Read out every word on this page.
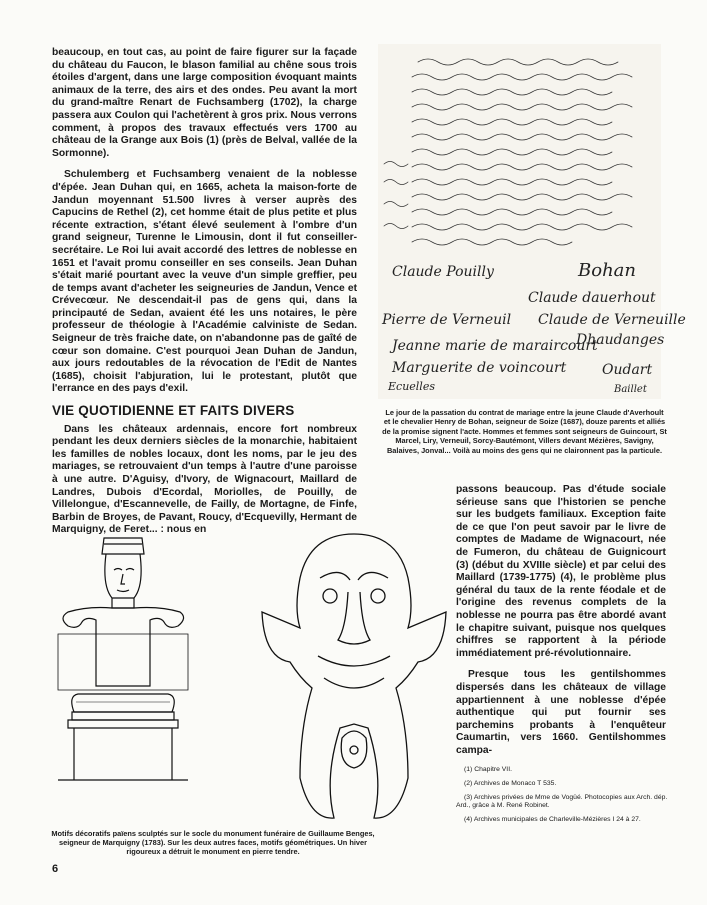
beaucoup, en tout cas, au point de faire figurer sur la façade du château du Faucon, le blason familial au chêne sous trois étoiles d'argent, dans une large composition évoquant maints animaux de la terre, des airs et des ondes. Peu avant la mort du grand-maître Renart de Fuchsamberg (1702), la charge passera aux Coulon qui l'achetèrent à gros prix. Nous verrons comment, à propos des travaux effectués vers 1700 au château de la Grange aux Bois (1) (près de Belval, vallée de la Sormonne).

Schulemberg et Fuchsamberg venaient de la noblesse d'épée. Jean Duhan qui, en 1665, acheta la maison-forte de Jandun moyennant 51.500 livres à verser auprès des Capucins de Rethel (2), cet homme était de plus petite et plus récente extraction, s'étant élevé seulement à l'ombre d'un grand seigneur, Turenne le Limousin, dont il fut conseiller-secrétaire. Le Roi lui avait accordé des lettres de noblesse en 1651 et l'avait promu conseiller en ses conseils. Jean Duhan s'était marié pourtant avec la veuve d'un simple greffier, peu de temps avant d'acheter les seigneuries de Jandun, Vence et Crévecœur. Ne descendait-il pas de gens qui, dans la principauté de Sedan, avaient été les uns notaires, le père professeur de théologie à l'Académie calviniste de Sedan. Seigneur de très fraiche date, on n'abandonne pas de gaîté de cœur son domaine. C'est pourquoi Jean Duhan de Jandun, aux jours redoutables de la révocation de l'Edit de Nantes (1685), choisit l'abjuration, lui le protestant, plutôt que l'errance en des pays d'exil.

VIE QUOTIDIENNE ET FAITS DIVERS

Dans les châteaux ardennais, encore fort nombreux pendant les deux derniers siècles de la monarchie, habitaient les familles de nobles locaux, dont les noms, par le jeu des mariages, se retrouvaient d'un temps à l'autre d'une paroisse à une autre. D'Aguisy, d'Ivory, de Wignacourt, Maillard de Landres, Dubois d'Ecordal, Moriolles, de Pouilly, de Villelongue, d'Escannevelle, de Failly, de Mortagne, de Finfe, Barbin de Broyes, de Pavant, Roucy, d'Ecquevilly, Hermant de Marquigny, de Feret... : nous en

Claude Pouilly	Bohan
Claude dauerhout
Pierre de Verneuil Claude de Verneuille
Dhaudanges
Jeanne marie de maraircourt
Marguerite de voincourt	Oudart
Ecuelles	Baillet
Le jour de la passation du contrat de mariage entre la jeune Claude d'Averhoult et le chevalier Henry de Bohan, seigneur de Soize (1687), douze parents et alliés de la promise signent l'acte. Hommes et femmes sont seigneurs de Guincourt, St Marcel, Liry, Verneuil, Sorcy-Bautémont, Villers devant Mézières, Savigny, Balaives, Jonval... Voilà au moins des gens qui ne claironnent pas la particule.

passons beaucoup. Pas d'étude sociale sérieuse sans que l'historien se penche sur les budgets familiaux. Exception faite de ce que l'on peut savoir par le livre de comptes de Madame de Wignacourt, née de Fumeron, du château de Guignicourt (3) (début du XVIIIe siècle) et par celui des Maillard (1739-1775) (4), le problème plus général du taux de la rente féodale et de l'origine des revenus complets de la noblesse ne pourra pas être abordé avant le chapitre suivant, puisque nos quelques chiffres se rapportent à la période immédiatement pré-révolutionnaire.

Presque tous les gentilshommes dispersés dans les châteaux de village appartiennent à une noblesse d'épée authentique qui put fournir ses parchemins probants à l'enquêteur Caumartin, vers 1660. Gentilshommes campa-

(1) Chapitre VII.
(2) Archives de Monaco T 535.
(3) Archives privées de Mme de Vogüé. Photocopies aux Arch. dép. Ard., grâce à M. René Robinet.
(4) Archives municipales de Charleville-Mézières I 24 à 27.
Motifs décoratifs païens sculptés sur le socle du monument funéraire de Guillaume Benges, seigneur de Marquigny (1783). Sur les deux autres faces, motifs géométriques. Un hiver rigoureux a détruit le monument en pierre tendre.
6
